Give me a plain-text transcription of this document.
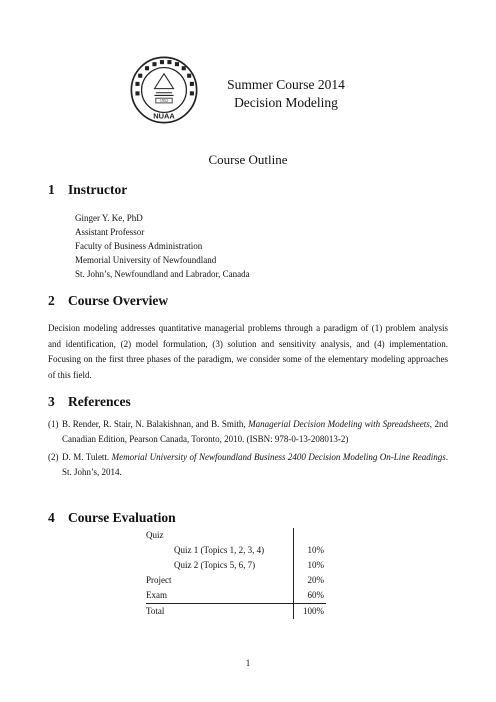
1952
NUAA
Summer Course 2014
Decision Modeling
Course Outline
1 Instructor
Ginger Y. Ke, PhD
Assistant Professor
Faculty of Business Administration
Memorial University of Newfoundland
St. John’s, Newfoundland and Labrador, Canada
2 Course Overview
Decision modeling addresses quantitative managerial problems through a paradigm of (1) problem analysis and identification, (2) model formulation, (3) solution and sensitivity analysis, and (4) implementation. Focusing on the first three phases of the paradigm, we consider some of the elementary modeling approaches of this field.
3 References
(1) B. Render, R. Stair, N. Balakishnan, and B. Smith, Managerial Decision Modeling with Spreadsheets, 2nd Canadian Edition, Pearson Canada, Toronto, 2010. (ISBN: 978-0-13-208013-2)
(2) D. M. Tulett. Memorial University of Newfoundland Business 2400 Decision Modeling On-Line Readings. St. John’s, 2014.
4 Course Evaluation
Quiz	
Quiz 1 (Topics 1, 2, 3, 4)	10%
Quiz 2 (Topics 5, 6, 7)	10%
Project	20%
Exam	60%
Total	100%
1
